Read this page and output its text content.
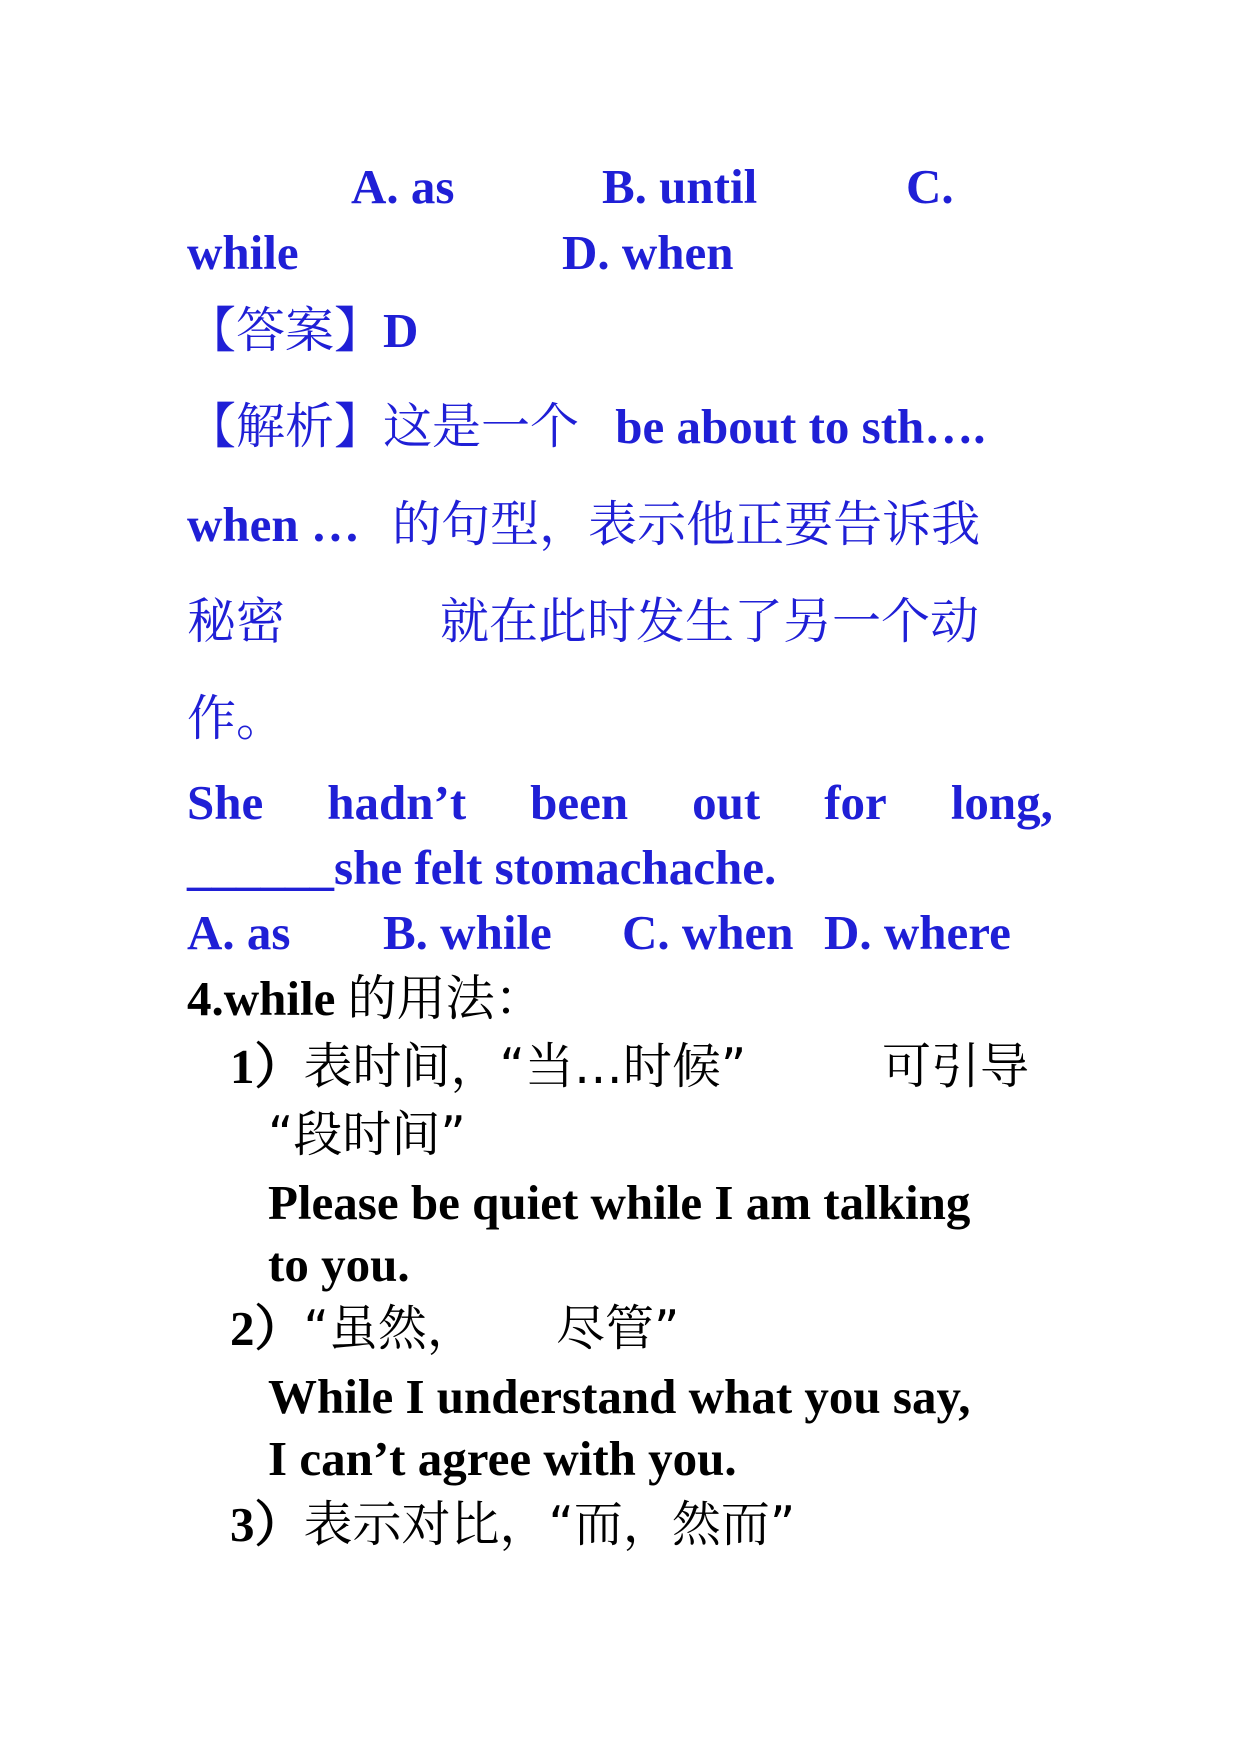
A. as	B. until	C.
while	D. when
【答案】D
【解析】这是一个 be about to sth….
when … 的句型，表示他正要告诉我
秘密	就在此时发生了另一个动
作。
She hadn’t been out for long,
______she felt stomachache.
A. as B. while C. when D. where
4.while 的用法：
1）表时间，“当…时候”	可引导
“段时间”
Please be quiet while I am talking
to you.
2）“虽然， 尽管”
While I understand what you say,
I can’t agree with you.
3）表示对比，“而，然而”
